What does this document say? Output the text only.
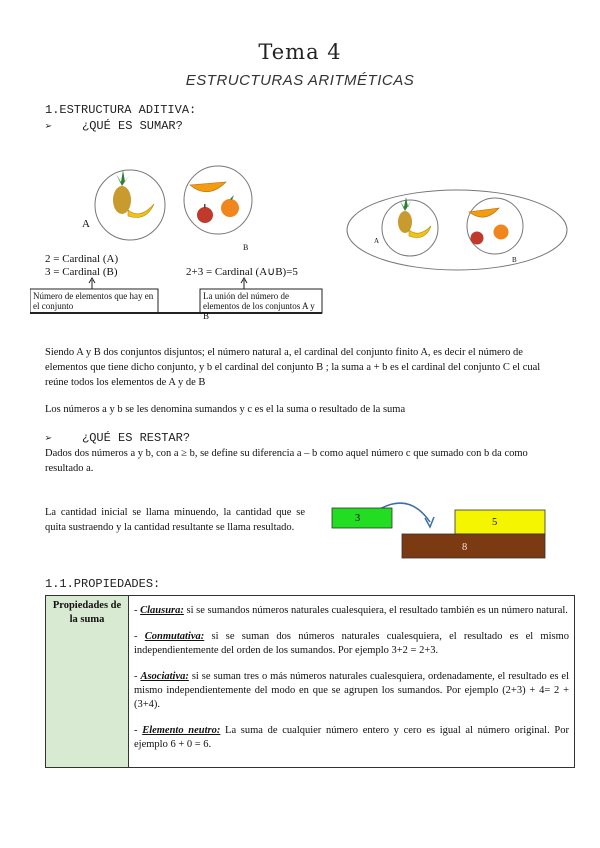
Tema 4
ESTRUCTURAS ARITMÉTICAS
1.ESTRUCTURA ADITIVA:
➢ ¿QUÉ ES SUMAR?
A
B
2 = Cardinal (A)
3 = Cardinal (B)	2+3 = Cardinal (A∪B)=5
Número de elementos que hay en el conjunto
La unión del número de elementos de los conjuntos A y B
A
B
Siendo A y B dos conjuntos disjuntos; el número natural a, el cardinal del conjunto finito A, es decir el número de elementos que tiene dicho conjunto, y b el cardinal del conjunto B ; la suma a + b es el cardinal del conjunto C el cual reúne todos los elementos de A y de B
Los números a y b se les denomina sumandos y c es el la suma o resultado de la suma
➢ ¿QUÉ ES RESTAR?
Dados dos números a y b, con a ≥ b, se define su diferencia a – b como aquel número c que sumado con b da como resultado a.
La cantidad inicial se llama minuendo, la cantidad que se quita sustraendo y la cantidad resultante se llama resultado.
3	5
8
1.1.PROPIEDADES:
Propiedades de la suma	
- Clausura: si se sumandos números naturales cualesquiera, el resultado también es un número natural.
- Conmutativa: si se suman dos números naturales cualesquiera, el resultado es el mismo independientemente del orden de los sumandos. Por ejemplo 3+2 = 2+3.
- Asociativa: si se suman tres o más números naturales cualesquiera, ordenadamente, el resultado es el mismo independientemente del modo en que se agrupen los sumandos. Por ejemplo (2+3) + 4= 2 + (3+4).
- Elemento neutro: La suma de cualquier número entero y cero es igual al número original. Por ejemplo 6 + 0 = 6.
